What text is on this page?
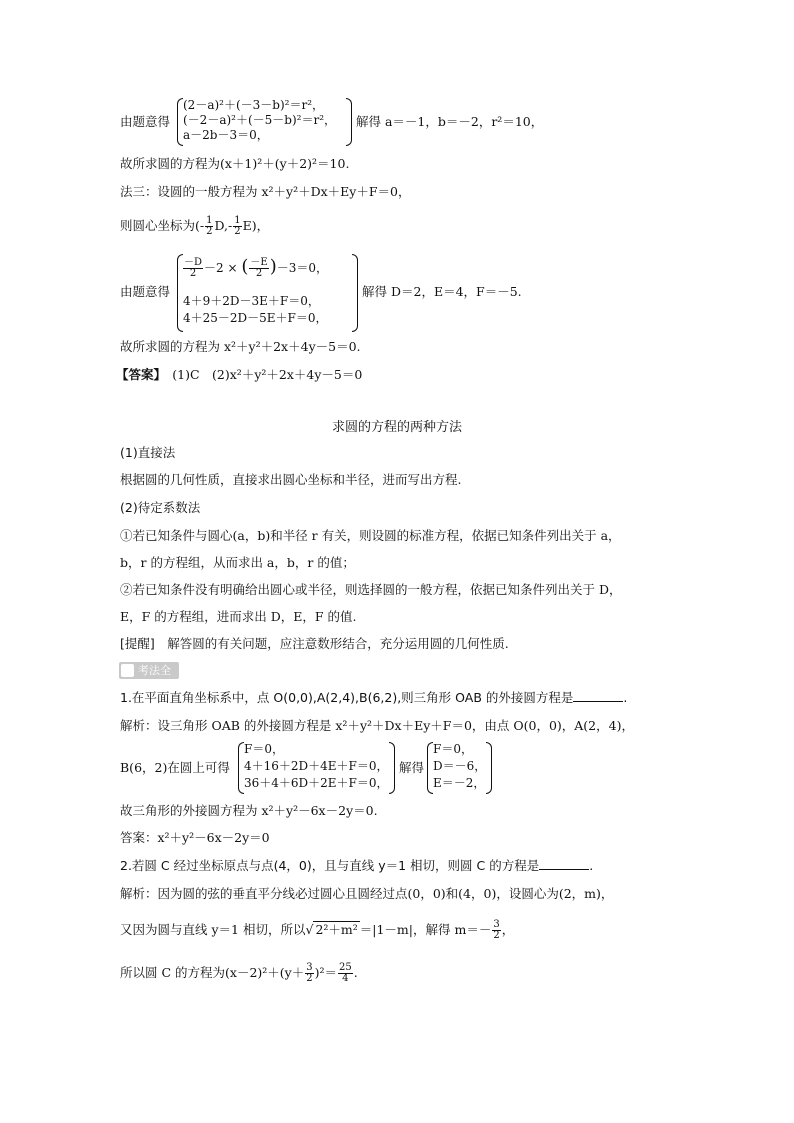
由题意得
(2－a)²＋(－3－b)²＝r²，
(－2－a)²＋(－5－b)²＝r²，
a－2b－3＝0，
解得 a＝－1，b＝－2，r²＝10，
故所求圆的方程为(x＋1)²＋(y＋2)²＝10.
法三：设圆的一般方程为 x²＋y²＋Dx＋Ey＋F＝0，
则圆心坐标为(- $\frac{1}{2} D,- \frac{1}{2} E$)，
由题意得
$\frac{-D}{2} -2$ × ( $\frac{-E}{2} )-3=0$，
4＋9＋2D－3E＋F＝0，
4＋25－2D－5E＋F＝0，
解得 D＝2，E＝4，F＝－5.
故所求圆的方程为 x²＋y²＋2x＋4y－5＝0.
【答案】　 (1)C　(2)x²＋y²＋2x＋4y－5＝0
求圆的方程的两种方法
(1)直接法
根据圆的几何性质，直接求出圆心坐标和半径，进而写出方程.
(2)待定系数法
①若已知条件与圆心(a，b)和半径 r 有关，则设圆的标准方程，依据已知条件列出关于 a，
b，r 的方程组，从而求出 a，b，r 的值；
②若已知条件没有明确给出圆心或半径，则选择圆的一般方程，依据已知条件列出关于 D，
E，F 的方程组，进而求出 D，E，F 的值.
[提醒]　解答圆的有关问题，应注意数形结合，充分运用圆的几何性质.
考法全练
1.在平面直角坐标系中，点 O(0,0),A(2,4),B(6,2),则三角形 OAB 的外接圆方程是	.
解析：设三角形 OAB 的外接圆方程是 x²＋y²＋Dx＋Ey＋F＝0，由点 O(0，0)，A(2，4)，
B(6，2)在圆上可得
F＝0，
4＋16＋2D＋4E＋F＝0，
36＋4＋6D＋2E＋F＝0，
解得
F＝0，
D＝－6，
E＝－2，
故三角形的外接圆方程为 x²＋y²－6x－2y＝0.
答案：x²＋y²－6x－2y＝0
2.若圆 C 经过坐标原点与点(4，0)，且与直线 y＝1 相切，则圆 C 的方程是	.
解析：因为圆的弦的垂直平分线必过圆心且圆经过点(0，0)和(4，0)，设圆心为(2，m)，
又因为圆与直线 y＝1 相切，所以√ 2²＋m² ＝|1－m|，解得 $m=- \frac{3}{2}$ ，
所以圆 C 的方程为$(x-2)^2+(y+ \frac{3}{2} )^2= \frac{25}{4}$ .
